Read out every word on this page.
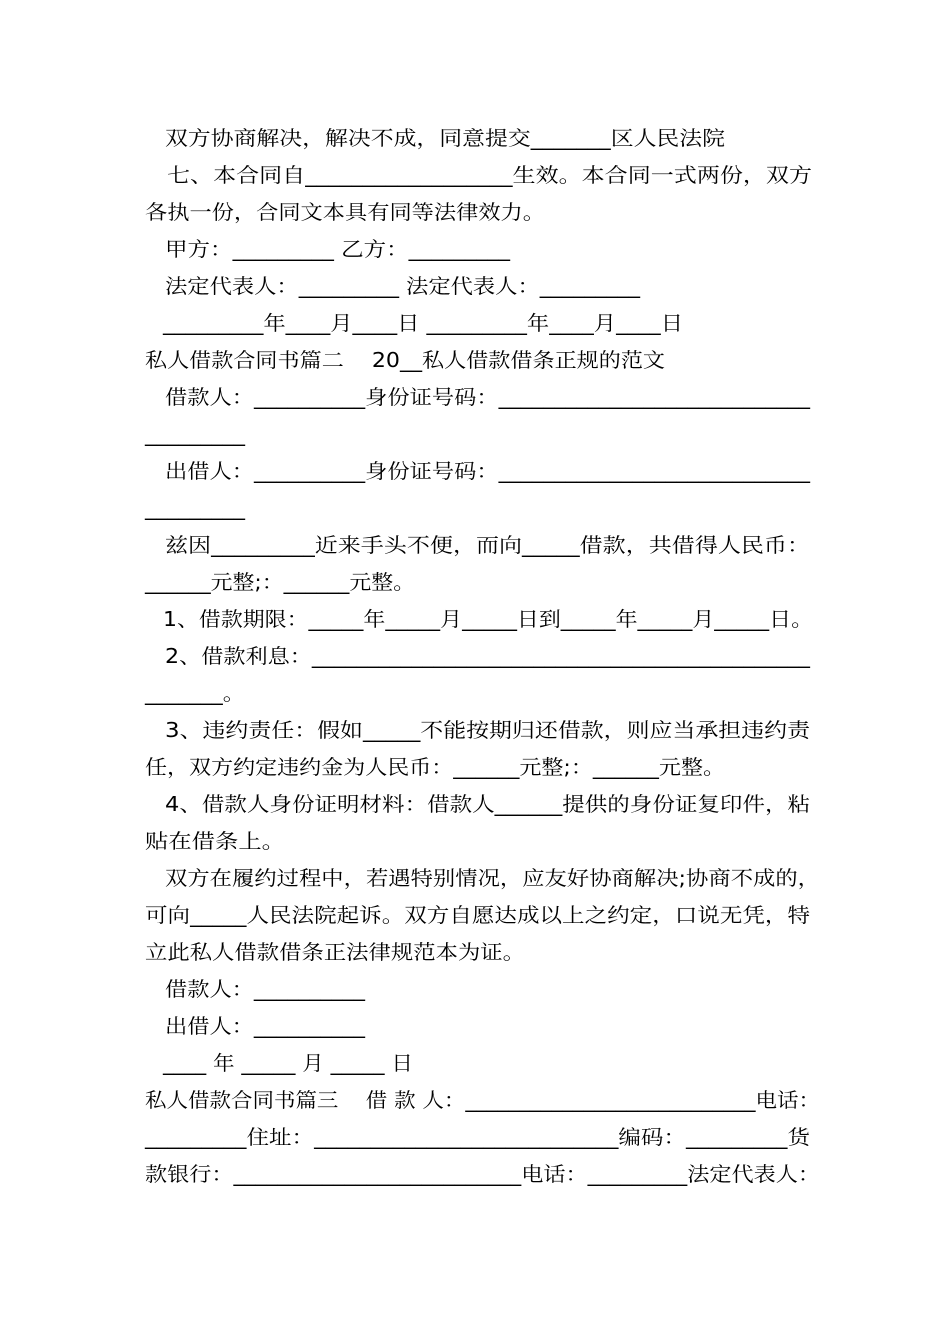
双方协商解决，解决不成，同意提交_______区人民法院
七、本合同自__________________生效。本合同一式两份，双方
各执一份，合同文本具有同等法律效力。
甲方：_________ 乙方：_________
法定代表人：_________ 法定代表人：_________
_________年____月____日 _________年____月____日
私人借款合同书篇二    20__私人借款借条正规的范文
借款人：__________身份证号码：____________________________
_________
出借人：__________身份证号码：____________________________
_________
兹因_________近来手头不便，而向_____借款，共借得人民币：
______元整;：______元整。
1、借款期限：_____年_____月_____日到_____年_____月_____日。
2、借款利息：_____________________________________________
_______。
3、违约责任：假如_____不能按期归还借款，则应当承担违约责
任，双方约定违约金为人民币：______元整;：______元整。
4、借款人身份证明材料：借款人______提供的身份证复印件，粘
贴在借条上。
双方在履约过程中，若遇特别情况，应友好协商解决;协商不成的，
可向_____人民法院起诉。双方自愿达成以上之约定，口说无凭，特
立此私人借款借条正法律规范本为证。
借款人：__________
出借人：__________
____ 年 _____ 月 _____ 日
私人借款合同书篇三    借 款 人：___________________________电话：
_________住址：___________________________编码：_________货
款银行：__________________________电话：_________法定代表人：
